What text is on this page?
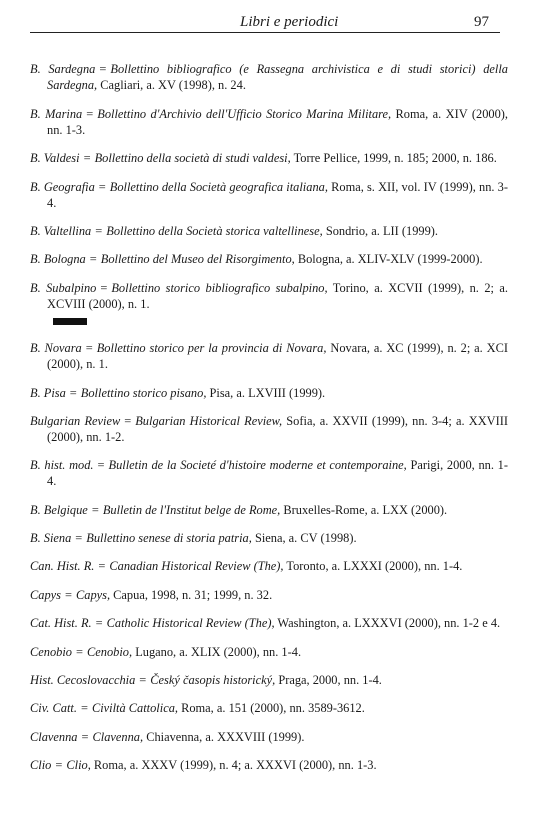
Libri e periodici	97

B. Sardegna = Bollettino bibliografico (e Rassegna archivistica e di studi storici) della Sardegna, Cagliari, a. XV (1998), n. 24.

B. Marina = Bollettino d'Archivio dell'Ufficio Storico Marina Militare, Roma, a. XIV (2000), nn. 1-3.

B. Valdesi = Bollettino della società di studi valdesi, Torre Pellice, 1999, n. 185; 2000, n. 186.

B. Geografia = Bollettino della Società geografica italiana, Roma, s. XII, vol. IV (1999), nn. 3-4.

B. Valtellina = Bollettino della Società storica valtellinese, Sondrio, a. LII (1999).

B. Bologna = Bollettino del Museo del Risorgimento, Bologna, a. XLIV-XLV (1999-2000).

B. Subalpino = Bollettino storico bibliografico subalpino, Torino, a. XCVII (1999), n. 2; a. XCVIII (2000), n. 1.

B. Novara = Bollettino storico per la provincia di Novara, Novara, a. XC (1999), n. 2; a. XCI (2000), n. 1.

B. Pisa = Bollettino storico pisano, Pisa, a. LXVIII (1999).

Bulgarian Review = Bulgarian Historical Review, Sofia, a. XXVII (1999), nn. 3-4; a. XXVIII (2000), nn. 1-2.

B. hist. mod. = Bulletin de la Societé d'histoire moderne et contemporaine, Parigi, 2000, nn. 1-4.

B. Belgique = Bulletin de l'Institut belge de Rome, Bruxelles-Rome, a. LXX (2000).

B. Siena = Bullettino senese di storia patria, Siena, a. CV (1998).

Can. Hist. R. = Canadian Historical Review (The), Toronto, a. LXXXI (2000), nn. 1-4.

Capys = Capys, Capua, 1998, n. 31; 1999, n. 32.

Cat. Hist. R. = Catholic Historical Review (The), Washington, a. LXXXVI (2000), nn. 1-2 e 4.

Cenobio = Cenobio, Lugano, a. XLIX (2000), nn. 1-4.

Hist. Cecoslovacchia = Český časopis historický, Praga, 2000, nn. 1-4.

Civ. Catt. = Civiltà Cattolica, Roma, a. 151 (2000), nn. 3589-3612.

Clavenna = Clavenna, Chiavenna, a. XXXVIII (1999).

Clio = Clio, Roma, a. XXXV (1999), n. 4; a. XXXVI (2000), nn. 1-3.
